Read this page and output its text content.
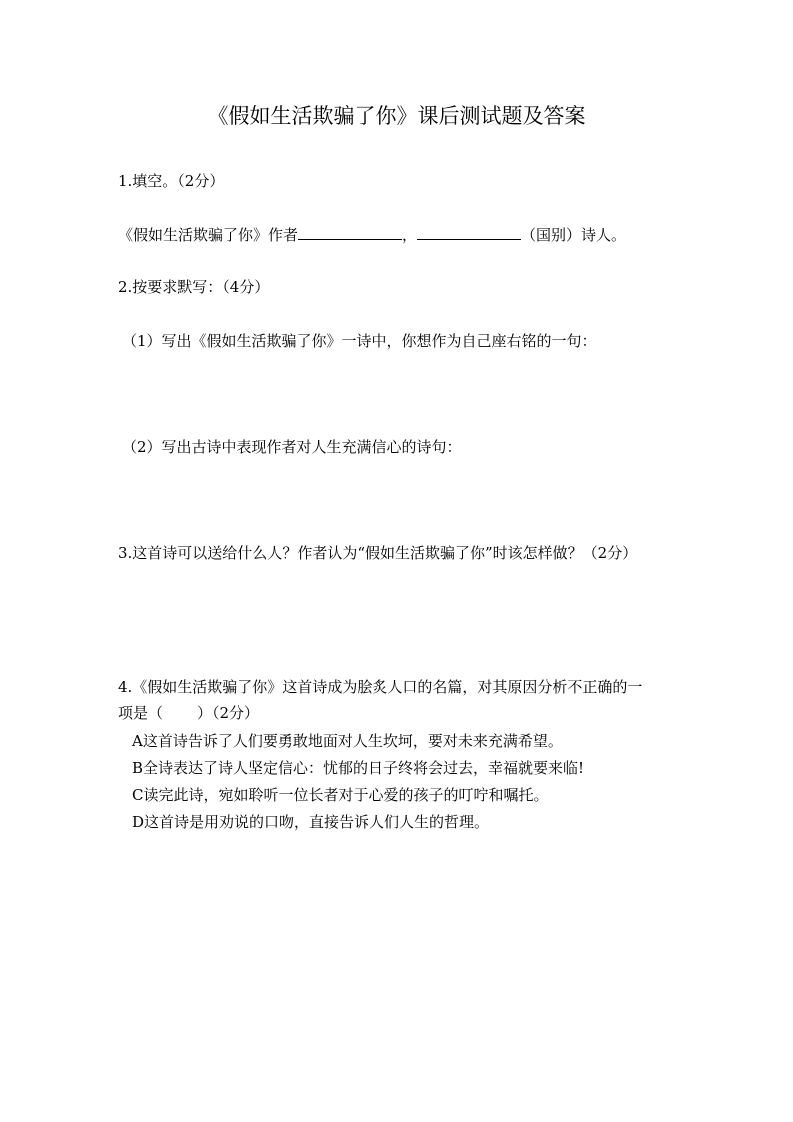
《假如生活欺骗了你》课后测试题及答案
1.填空。（2分）
《假如生活欺骗了你》作者	，	（国别）诗人。
2.按要求默写：（4分）
（1）写出《假如生活欺骗了你》一诗中，你想作为自己座右铭的一句：
（2）写出古诗中表现作者对人生充满信心的诗句：
3.这首诗可以送给什么人？作者认为“假如生活欺骗了你”时该怎样做？（2分）
4.《假如生活欺骗了你》这首诗成为脍炙人口的名篇，对其原因分析不正确的一
项是（ ）（2分）
A这首诗告诉了人们要勇敢地面对人生坎坷，要对未来充满希望。
B全诗表达了诗人坚定信心：忧郁的日子终将会过去，幸福就要来临!
C读完此诗，宛如聆听一位长者对于心爱的孩子的叮咛和嘱托。
D这首诗是用劝说的口吻，直接告诉人们人生的哲理。
